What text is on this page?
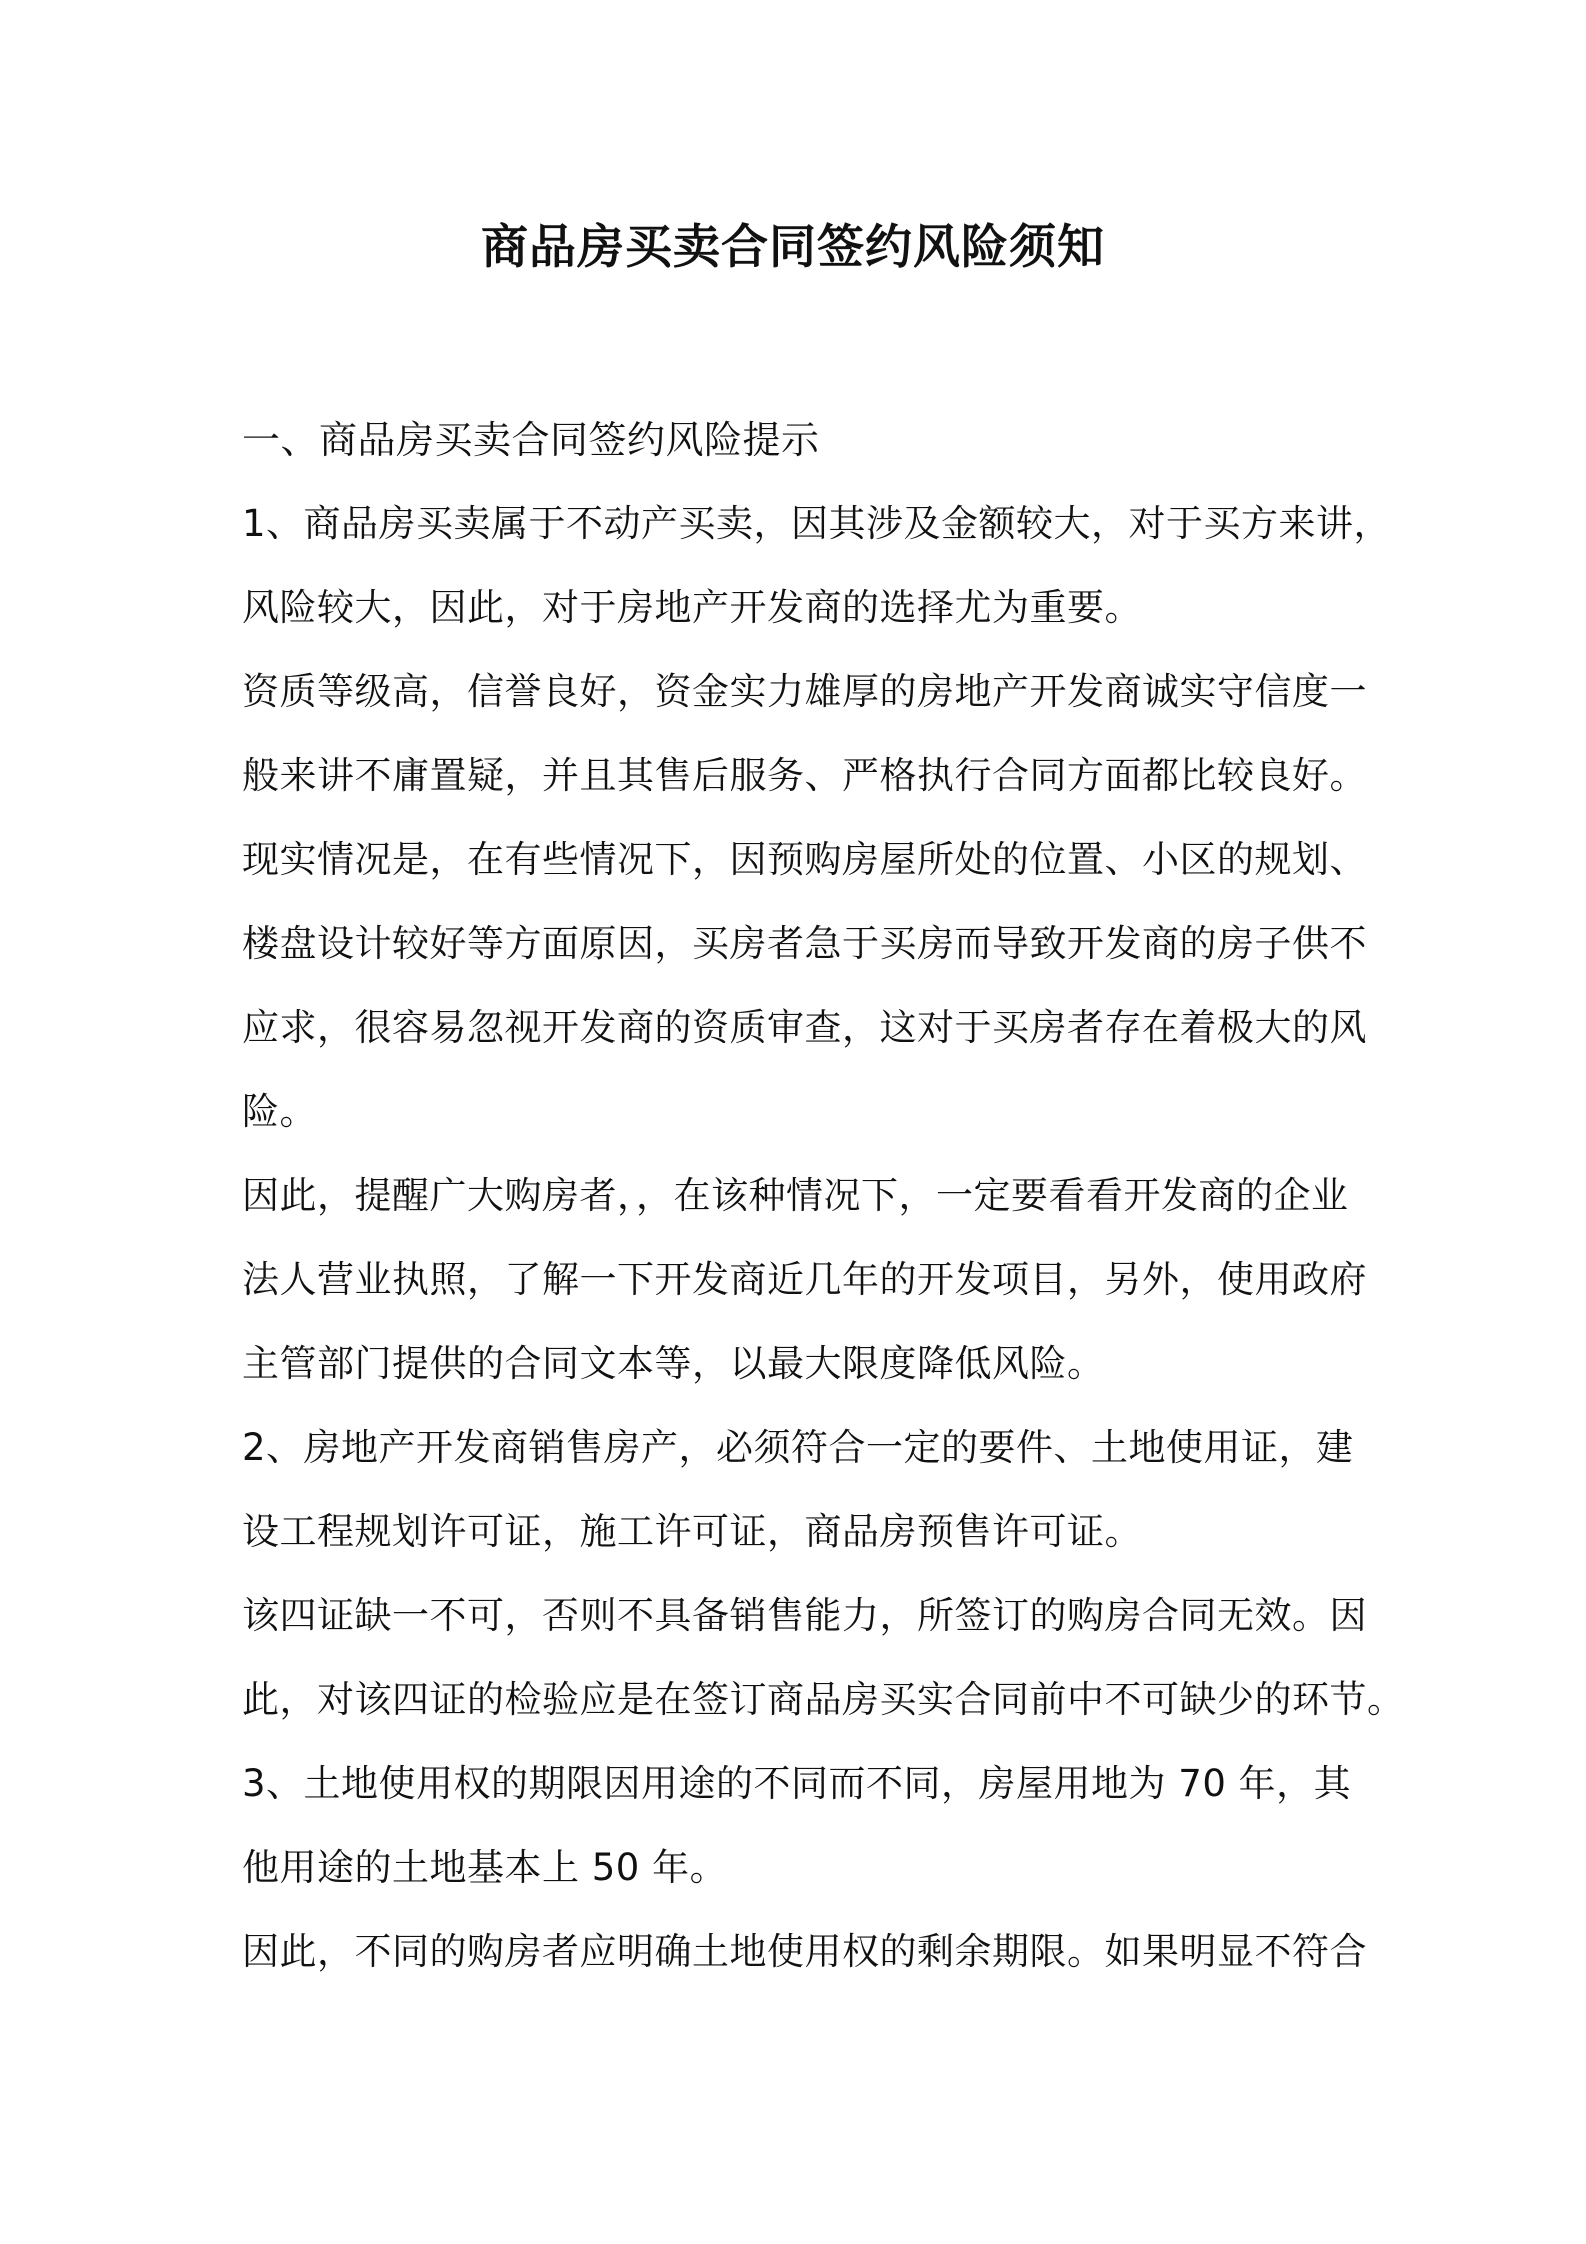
商品房买卖合同签约风险须知
一、商品房买卖合同签约风险提示
1、商品房买卖属于不动产买卖，因其涉及金额较大，对于买方来讲，
风险较大，因此，对于房地产开发商的选择尤为重要。
资质等级高，信誉良好，资金实力雄厚的房地产开发商诚实守信度一
般来讲不庸置疑，并且其售后服务、严格执行合同方面都比较良好。
现实情况是，在有些情况下，因预购房屋所处的位置、小区的规划、
楼盘设计较好等方面原因，买房者急于买房而导致开发商的房子供不
应求，很容易忽视开发商的资质审查，这对于买房者存在着极大的风
险。
因此，提醒广大购房者，，在该种情况下，一定要看看开发商的企业
法人营业执照，了解一下开发商近几年的开发项目，另外，使用政府
主管部门提供的合同文本等，以最大限度降低风险。
2、房地产开发商销售房产，必须符合一定的要件、土地使用证，建
设工程规划许可证，施工许可证，商品房预售许可证。
该四证缺一不可，否则不具备销售能力，所签订的购房合同无效。因
此，对该四证的检验应是在签订商品房买实合同前中不可缺少的环节。
3、土地使用权的期限因用途的不同而不同，房屋用地为 70 年，其
他用途的土地基本上 50 年。
因此，不同的购房者应明确土地使用权的剩余期限。如果明显不符合
